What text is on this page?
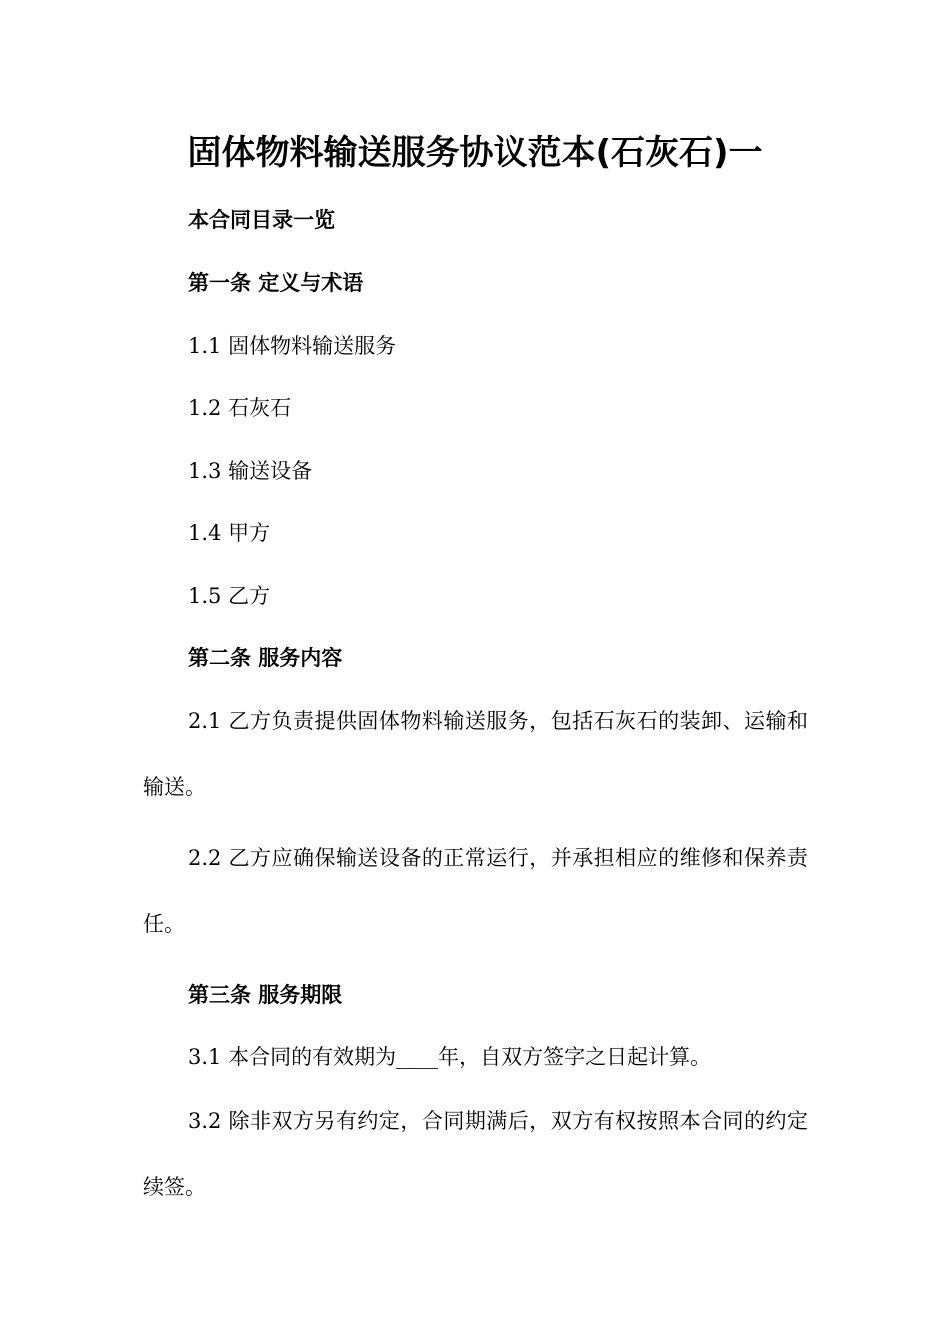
固体物料输送服务协议范本(石灰石)一
本合同目录一览
第一条 定义与术语
1.1 固体物料输送服务
1.2 石灰石
1.3 输送设备
1.4 甲方
1.5 乙方
第二条 服务内容
2.1 乙方负责提供固体物料输送服务，包括石灰石的装卸、运输和输送。
2.2 乙方应确保输送设备的正常运行，并承担相应的维修和保养责任。
第三条 服务期限
3.1 本合同的有效期为____年，自双方签字之日起计算。
3.2 除非双方另有约定，合同期满后，双方有权按照本合同的约定续签。
